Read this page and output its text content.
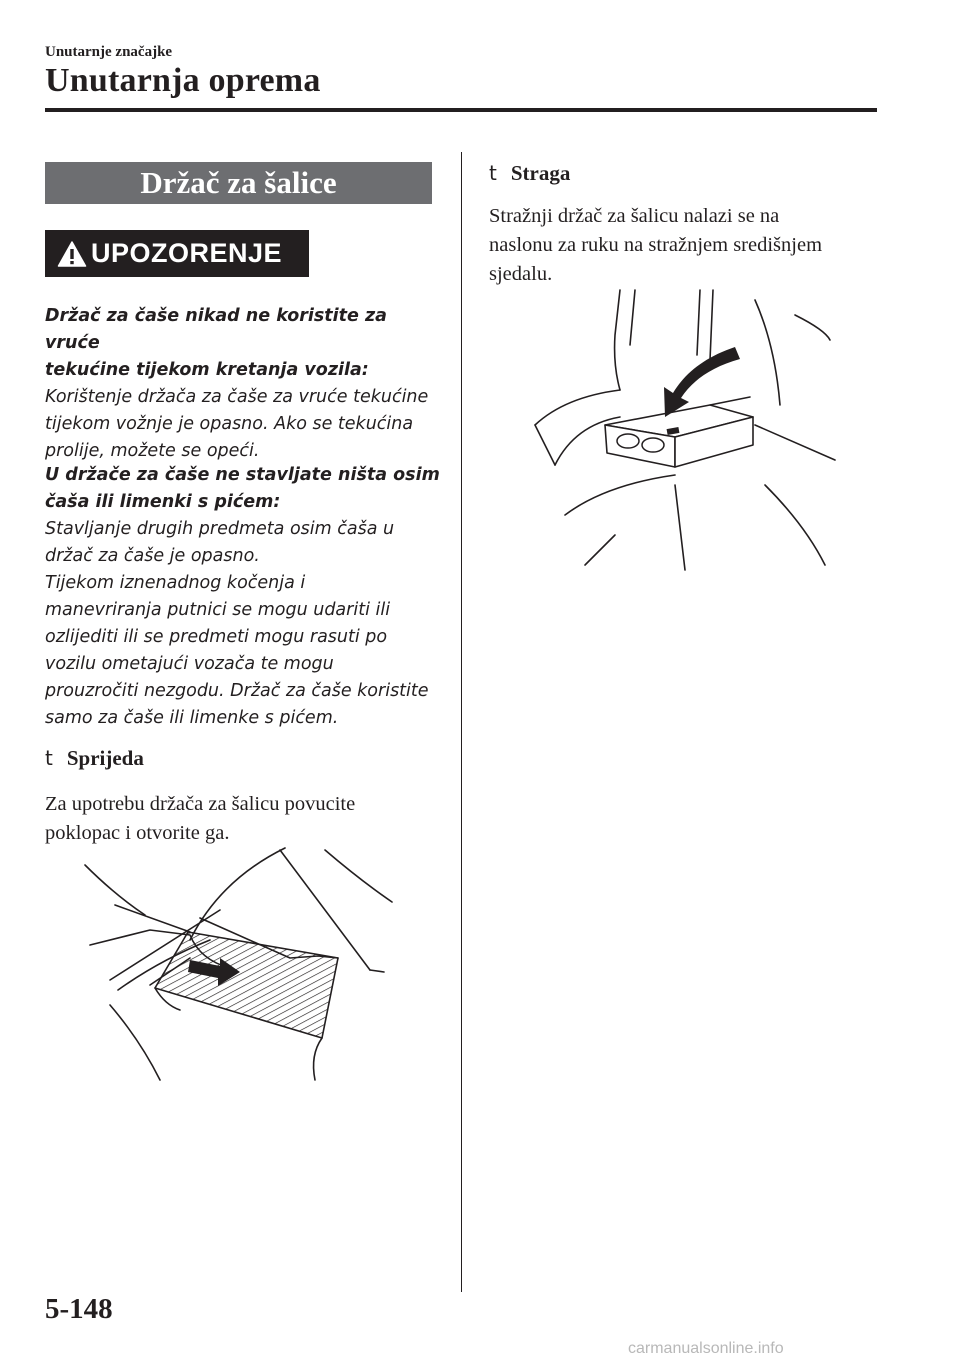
Unutarnje značajke
Unutarnja oprema
Držač za šalice
UPOZORENJE

Držač za čaše nikad ne koristite za vruće

tekućine tijekom kretanja vozila:

Korištenje držača za čaše za vruće tekućine

tijekom vožnje je opasno. Ako se tekućina

prolije, možete se opeći.

U držače za čaše ne stavljate ništa osim

čaša ili limenki s pićem:

Stavljanje drugih predmeta osim čaša u

držač za čaše je opasno.

Tijekom iznenadnog kočenja i

manevriranja putnici se mogu udariti ili

ozlijediti ili se predmeti mogu rasuti po

vozilu ometajući vozača te mogu

prouzročiti nezgodu. Držač za čaše koristite

samo za čaše ili limenke s pićem.

t Sprijeda
Za upotrebu držača za šalicu povucite
poklopac i otvorite ga.
t Straga
Stražnji držač za šalicu nalazi se na
naslonu za ruku na stražnjem središnjem
sjedalu.
5-148
carmanualsonline.info
